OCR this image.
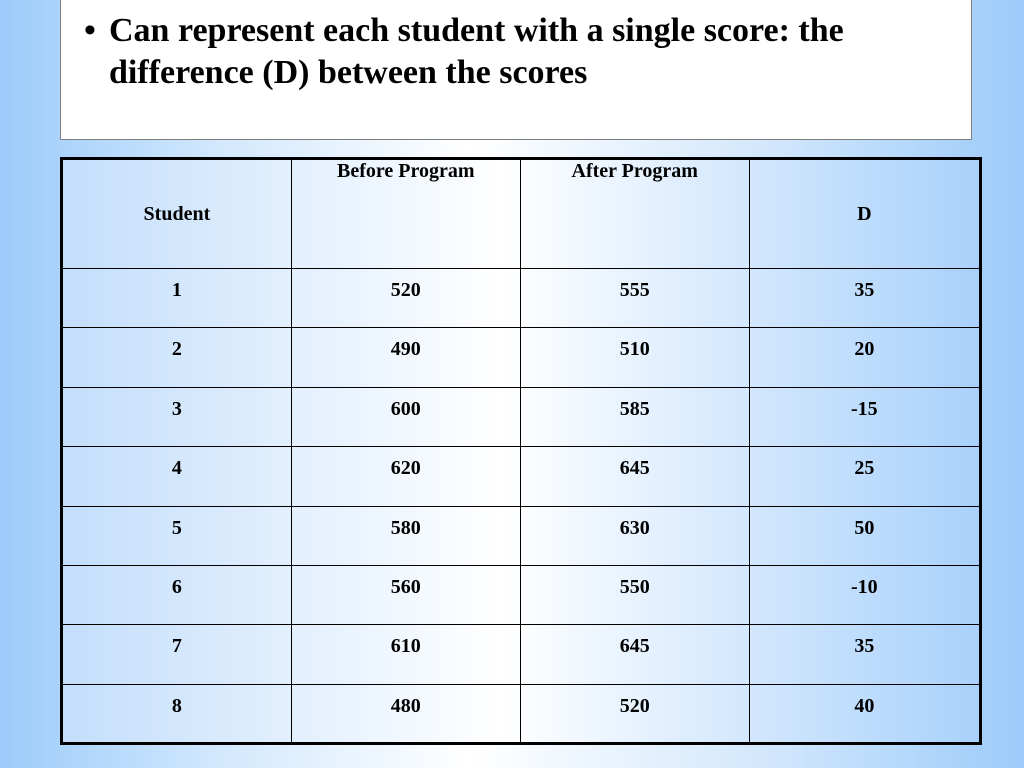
• Can represent each student with a single score: the difference (D) between the scores
Student	Before Program	After Program	D
1	520	555	35
2	490	510	20
3	600	585	-15
4	620	645	25
5	580	630	50
6	560	550	-10
7	610	645	35
8	480	520	40
